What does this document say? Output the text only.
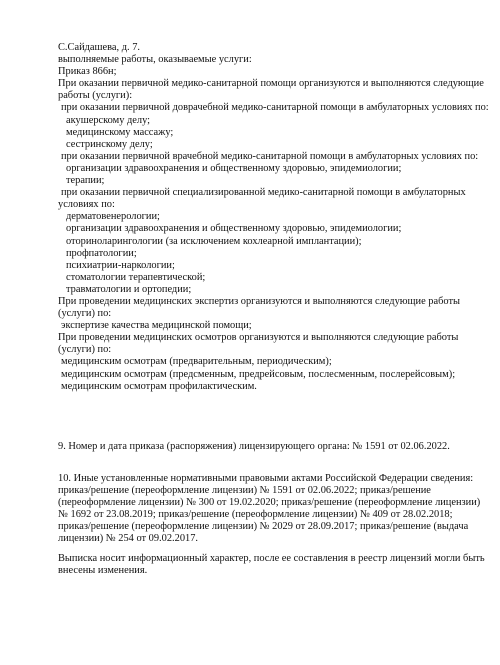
С.Сайдашева, д. 7.
выполняемые работы, оказываемые услуги:
Приказ 866н;
При оказании первичной медико-санитарной помощи организуются и выполняются следующие
работы (услуги):
при оказании первичной доврачебной медико-санитарной помощи в амбулаторных условиях по:
акушерскому делу;
медицинскому массажу;
сестринскому делу;
при оказании первичной врачебной медико-санитарной помощи в амбулаторных условиях по:
организации здравоохранения и общественному здоровью, эпидемиологии;
терапии;
при оказании первичной специализированной медико-санитарной помощи в амбулаторных
условиях по:
дерматовенерологии;
организации здравоохранения и общественному здоровью, эпидемиологии;
оториноларингологии (за исключением кохлеарной имплантации);
профпатологии;
психиатрии-наркологии;
стоматологии терапевтической;
травматологии и ортопедии;
При проведении медицинских экспертиз организуются и выполняются следующие работы
(услуги) по:
экспертизе качества медицинской помощи;
При проведении медицинских осмотров организуются и выполняются следующие работы
(услуги) по:
медицинским осмотрам (предварительным, периодическим);
медицинским осмотрам (предсменным, предрейсовым, послесменным, послерейсовым);
медицинским осмотрам профилактическим.
9. Номер и дата приказа (распоряжения) лицензирующего органа: № 1591 от 02.06.2022.
10. Иные установленные нормативными правовыми актами Российской Федерации сведения:
приказ/решение (переоформление лицензии) № 1591 от 02.06.2022; приказ/решение
(переоформление лицензии) № 300 от 19.02.2020; приказ/решение (переоформление лицензии)
№ 1692 от 23.08.2019; приказ/решение (переоформление лицензии) № 409 от 28.02.2018;
приказ/решение (переоформление лицензии) № 2029 от 28.09.2017; приказ/решение (выдача
лицензии) № 254 от 09.02.2017.
Выписка носит информационный характер, после ее составления в реестр лицензий могли быть
внесены изменения.
